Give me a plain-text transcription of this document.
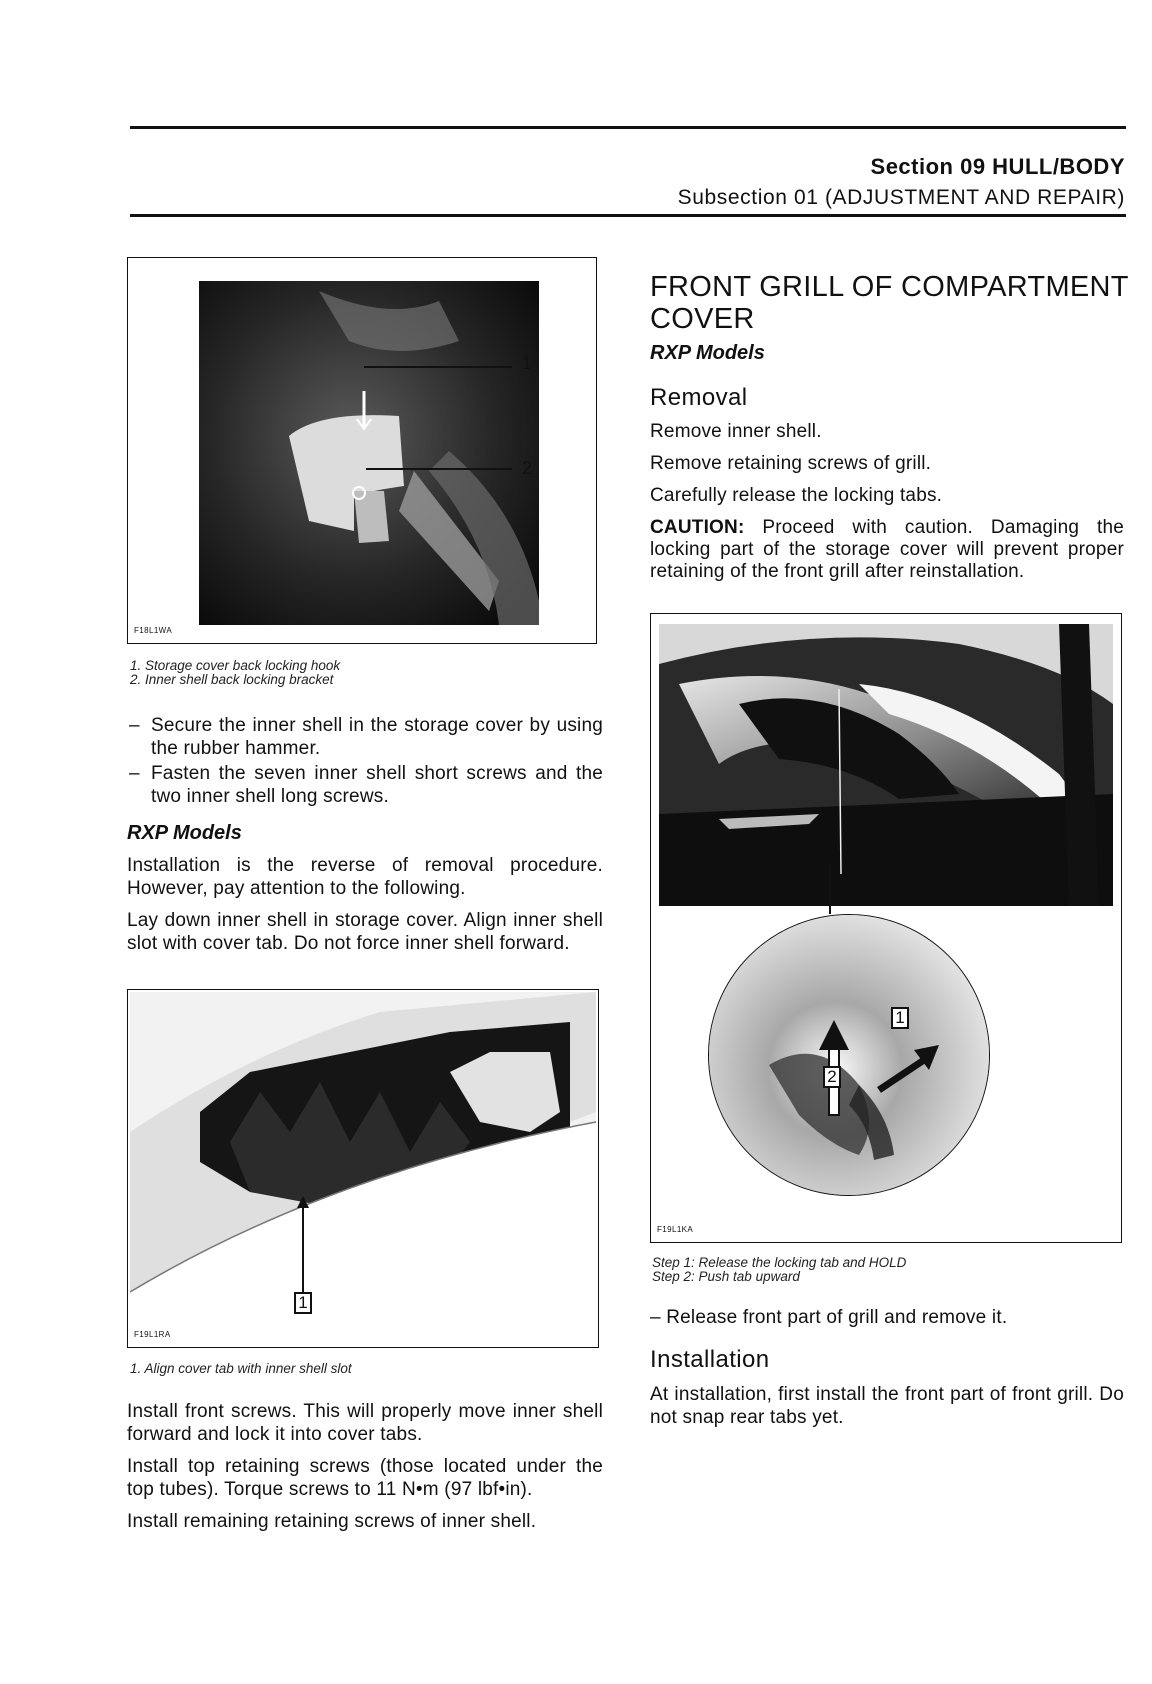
Section 09 HULL/BODY
Subsection 01 (ADJUSTMENT AND REPAIR)
1
2
F18L1WA
1. Storage cover back locking hook
2. Inner shell back locking bracket
– Secure the inner shell in the storage cover by using the rubber hammer.
– Fasten the seven inner shell short screws and the two inner shell long screws.
RXP Models

Installation is the reverse of removal procedure. However, pay attention to the following.

Lay down inner shell in storage cover. Align inner shell slot with cover tab. Do not force inner shell forward.

1
F19L1RA
1. Align cover tab with inner shell slot

Install front screws. This will properly move inner shell forward and lock it into cover tabs.

Install top retaining screws (those located under the top tubes). Torque screws to 11 N•m (97 lbf•in).

Install remaining retaining screws of inner shell.

FRONT GRILL OF COMPARTMENT COVER
RXP Models
Removal

Remove inner shell.

Remove retaining screws of grill.

Carefully release the locking tabs.

CAUTION: Proceed with caution. Damaging the locking part of the storage cover will prevent proper retaining of the front grill after reinstallation.
1
2
F19L1KA
Step 1: Release the locking tab and HOLD
Step 2: Push tab upward
– Release front part of grill and remove it.
Installation
At installation, first install the front part of front grill. Do not snap rear tabs yet.
